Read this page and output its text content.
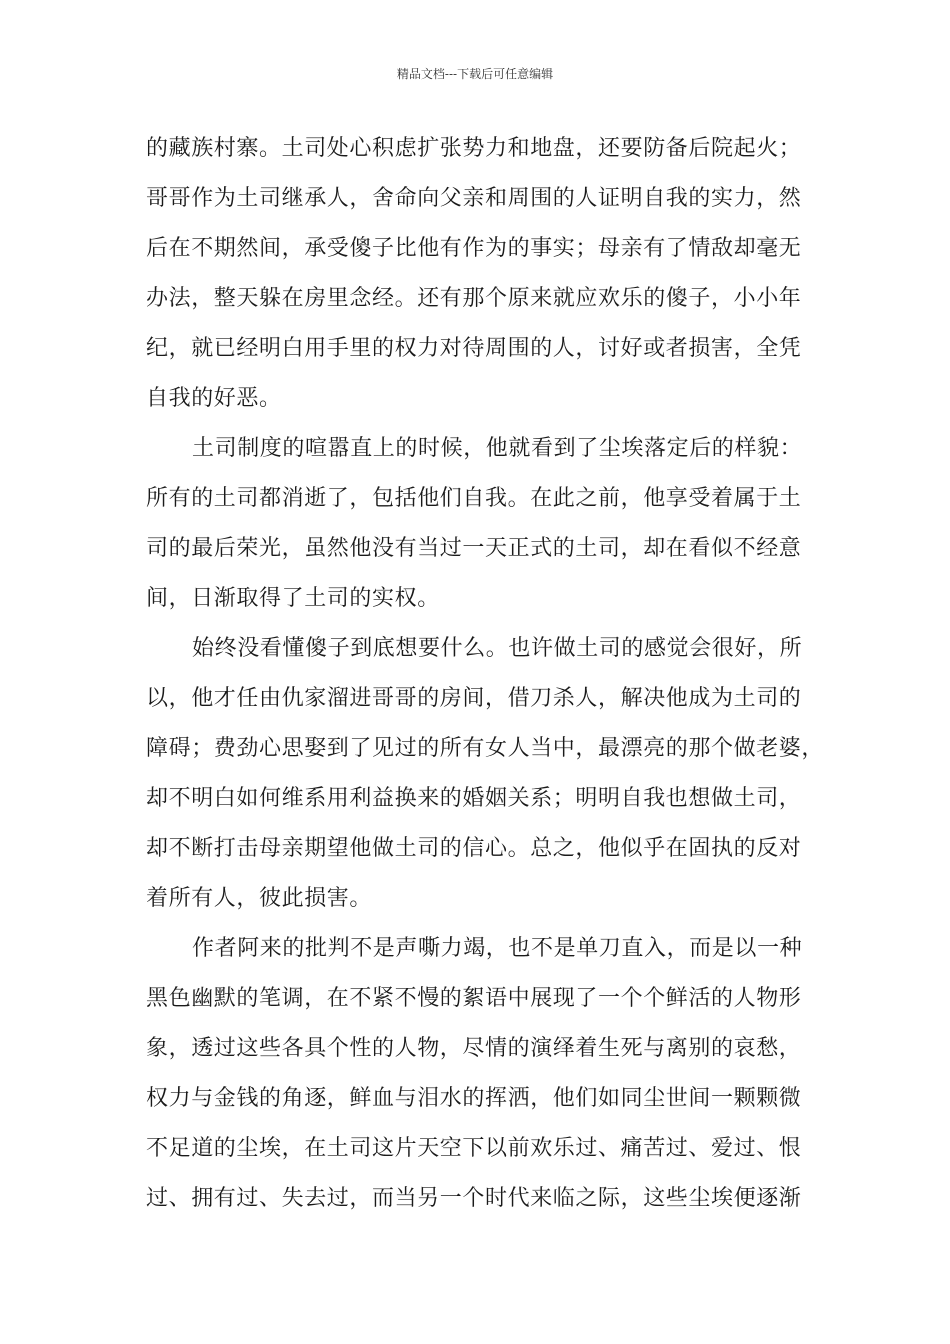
精品文档---下载后可任意编辑
的藏族村寨。土司处心积虑扩张势力和地盘，还要防备后院起火；
哥哥作为土司继承人，舍命向父亲和周围的人证明自我的实力，然
后在不期然间，承受傻子比他有作为的事实；母亲有了情敌却毫无
办法，整天躲在房里念经。还有那个原来就应欢乐的傻子，小小年
纪，就已经明白用手里的权力对待周围的人，讨好或者损害，全凭
自我的好恶。
土司制度的喧嚣直上的时候，他就看到了尘埃落定后的样貌：
所有的土司都消逝了，包括他们自我。在此之前，他享受着属于土
司的最后荣光，虽然他没有当过一天正式的土司，却在看似不经意
间，日渐取得了土司的实权。
始终没看懂傻子到底想要什么。也许做土司的感觉会很好，所
以，他才任由仇家溜进哥哥的房间，借刀杀人，解决他成为土司的
障碍；费劲心思娶到了见过的所有女人当中，最漂亮的那个做老婆，
却不明白如何维系用利益换来的婚姻关系；明明自我也想做土司，
却不断打击母亲期望他做土司的信心。总之，他似乎在固执的反对
着所有人，彼此损害。
作者阿来的批判不是声嘶力竭，也不是单刀直入，而是以一种
黑色幽默的笔调，在不紧不慢的絮语中展现了一个个鲜活的人物形
象，透过这些各具个性的人物，尽情的演绎着生死与离别的哀愁，
权力与金钱的角逐，鲜血与泪水的挥洒，他们如同尘世间一颗颗微
不足道的尘埃，在土司这片天空下以前欢乐过、痛苦过、爱过、恨
过、拥有过、失去过，而当另一个时代来临之际，这些尘埃便逐渐
